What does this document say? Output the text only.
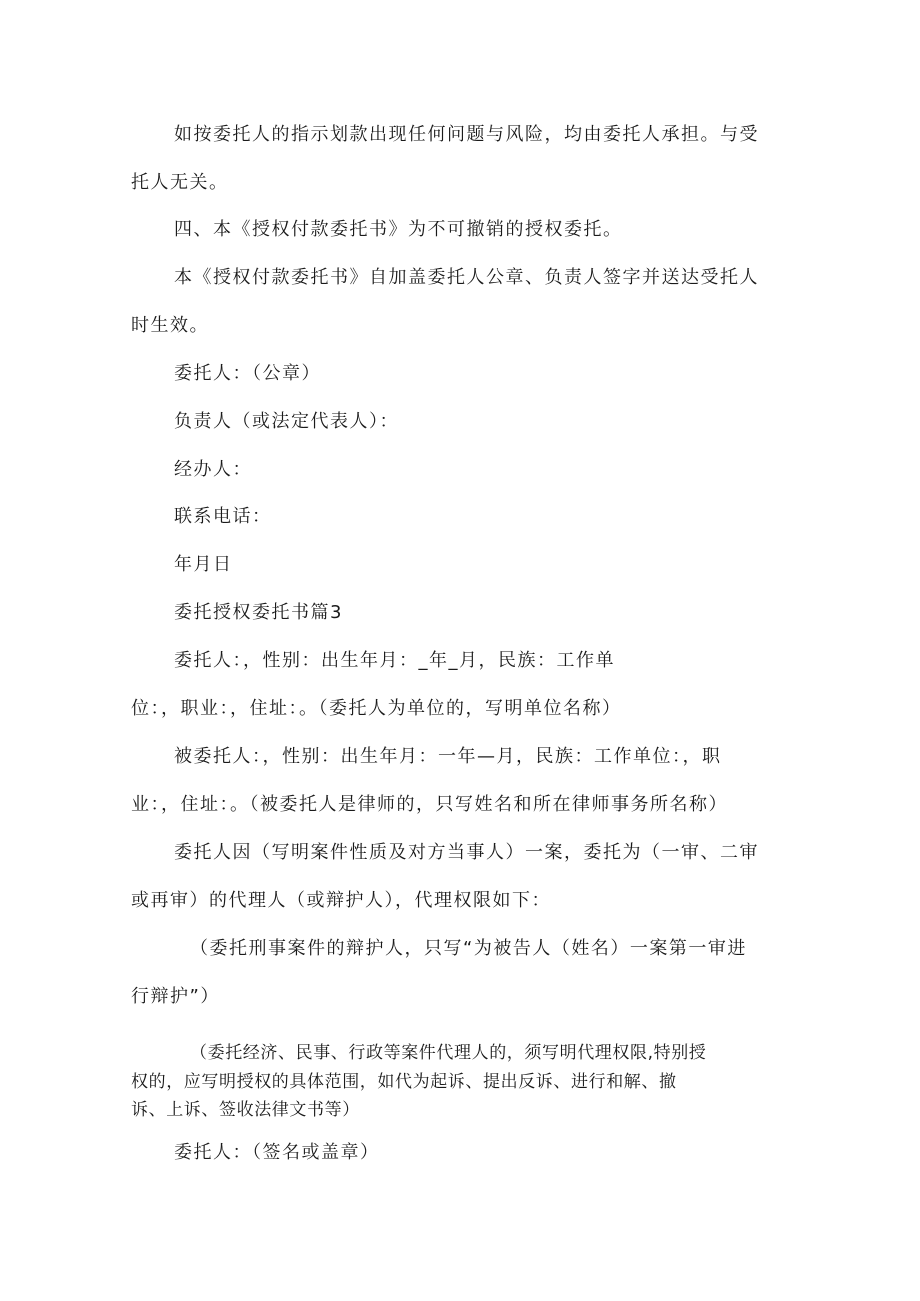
如按委托人的指示划款出现任何问题与风险，均由委托人承担。与受
托人无关。
四、本《授权付款委托书》为不可撤销的授权委托。
本《授权付款委托书》自加盖委托人公章、负责人签字并送达受托人
时生效。
委托人：（公章）
负责人（或法定代表人）：
经办人：
联系电话：
年月日
委托授权委托书篇3
委托人：，性别：出生年月：_年_月，民族：工作单
位：，职业：，住址：。（委托人为单位的，写明单位名称）
被委托人：，性别：出生年月：一年—月，民族：工作单位：，职
业：，住址：。（被委托人是律师的，只写姓名和所在律师事务所名称）
委托人因（写明案件性质及对方当事人）一案，委托为（一审、二审
或再审）的代理人（或辩护人），代理权限如下：
（委托刑事案件的辩护人，只写“为被告人（姓名）一案第一审进
行辩护”）
（委托经济、民事、行政等案件代理人的，须写明代理权限,特别授
权的，应写明授权的具体范围，如代为起诉、提出反诉、进行和解、撤
诉、上诉、签收法律文书等）
委托人：（签名或盖章）
